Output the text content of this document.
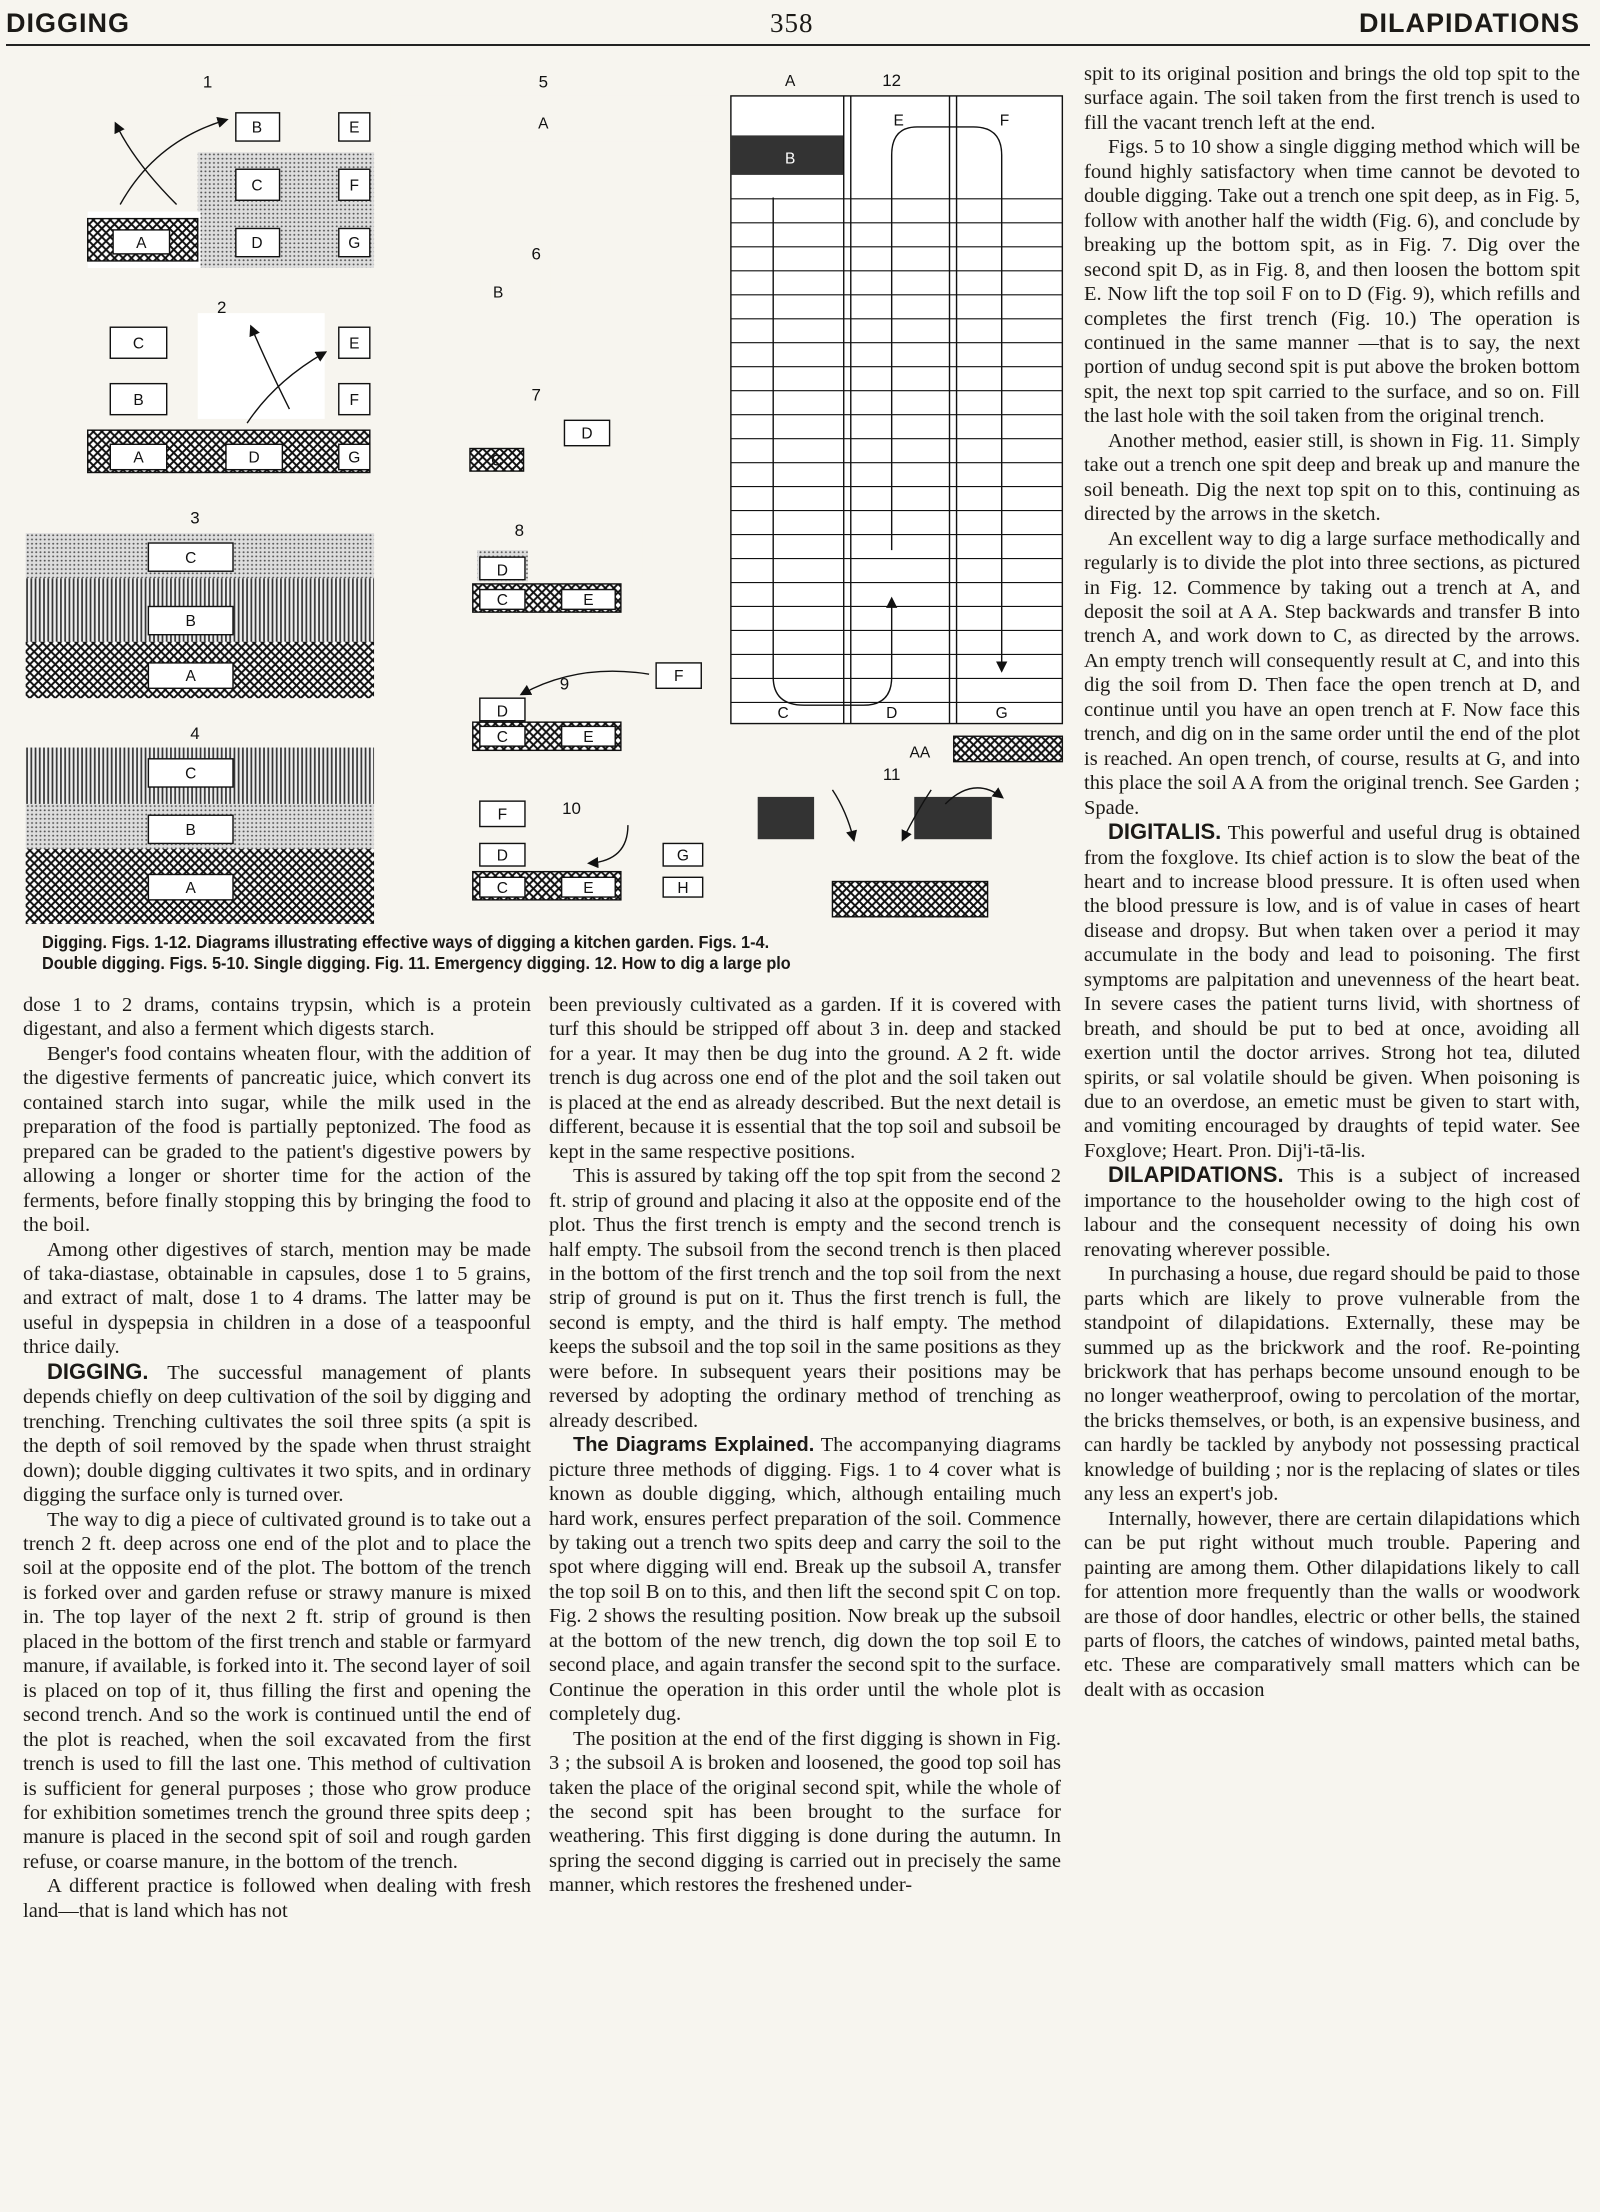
DIGGING	358	DILAPIDATIONS
1
B	E
C	F
A	D	G
2
C	E
B	F
A	D	G
3
C
B
A
4
C
B
A
5
A
6
B
7
C
D
8
D
C	E
9	F
D
C	E
10
F
D	G
C	E	H
A	12
E	F
B
C	D	G
AA
11
Digging. Figs. 1-12. Diagrams illustrating effective ways of digging a kitchen garden. Figs. 1-4.
Double digging. Figs. 5-10. Single digging. Fig. 11. Emergency digging. 12. How to dig a large plo

dose 1 to 2 drams, contains trypsin, which is a protein digestant, and also a ferment which digests starch.

Benger's food contains wheaten flour, with the addition of the digestive ferments of pancreatic juice, which convert its contained starch into sugar, while the milk used in the preparation of the food is partially peptonized. The food as prepared can be graded to the patient's digestive powers by allowing a longer or shorter time for the action of the ferments, before finally stopping this by bringing the food to the boil.

Among other digestives of starch, mention may be made of taka-diastase, obtainable in capsules, dose 1 to 5 grains, and extract of malt, dose 1 to 4 drams. The latter may be useful in dyspepsia in children in a dose of a teaspoonful thrice daily.

DIGGING. The successful management of plants depends chiefly on deep cultivation of the soil by digging and trenching. Trenching cultivates the soil three spits (a spit is the depth of soil removed by the spade when thrust straight down); double digging cultivates it two spits, and in ordinary digging the surface only is turned over.

The way to dig a piece of cultivated ground is to take out a trench 2 ft. deep across one end of the plot and to place the soil at the opposite end of the plot. The bottom of the trench is forked over and garden refuse or strawy manure is mixed in. The top layer of the next 2 ft. strip of ground is then placed in the bottom of the first trench and stable or farmyard manure, if available, is forked into it. The second layer of soil is placed on top of it, thus filling the first and opening the second trench. And so the work is continued until the end of the plot is reached, when the soil excavated from the first trench is used to fill the last one. This method of cultivation is sufficient for general purposes ; those who grow produce for exhibition sometimes trench the ground three spits deep ; manure is placed in the second spit of soil and rough garden refuse, or coarse manure, in the bottom of the trench.

A different practice is followed when dealing with fresh land—that is land which has not

been previously cultivated as a garden. If it is covered with turf this should be stripped off about 3 in. deep and stacked for a year. It may then be dug into the ground. A 2 ft. wide trench is dug across one end of the plot and the soil taken out is placed at the end as already described. But the next detail is different, because it is essential that the top soil and subsoil be kept in the same respective positions.

This is assured by taking off the top spit from the second 2 ft. strip of ground and placing it also at the opposite end of the plot. Thus the first trench is empty and the second trench is half empty. The subsoil from the second trench is then placed in the bottom of the first trench and the top soil from the next strip of ground is put on it. Thus the first trench is full, the second is empty, and the third is half empty. The method keeps the subsoil and the top soil in the same positions as they were before. In subsequent years their positions may be reversed by adopting the ordinary method of trenching as already described.

The Diagrams Explained. The accompanying diagrams picture three methods of digging. Figs. 1 to 4 cover what is known as double digging, which, although entailing much hard work, ensures perfect preparation of the soil. Commence by taking out a trench two spits deep and carry the soil to the spot where digging will end. Break up the subsoil A, transfer the top soil B on to this, and then lift the second spit C on top. Fig. 2 shows the resulting position. Now break up the subsoil at the bottom of the new trench, dig down the top soil E to second place, and again transfer the second spit to the surface. Continue the operation in this order until the whole plot is completely dug.

The position at the end of the first digging is shown in Fig. 3 ; the subsoil A is broken and loosened, the good top soil has taken the place of the original second spit, while the whole of the second spit has been brought to the surface for weathering. This first digging is done during the autumn. In spring the second digging is carried out in precisely the same manner, which restores the freshened under-

spit to its original position and brings the old top spit to the surface again. The soil taken from the first trench is used to fill the vacant trench left at the end.

Figs. 5 to 10 show a single digging method which will be found highly satisfactory when time cannot be devoted to double digging. Take out a trench one spit deep, as in Fig. 5, follow with another half the width (Fig. 6), and conclude by breaking up the bottom spit, as in Fig. 7. Dig over the second spit D, as in Fig. 8, and then loosen the bottom spit E. Now lift the top soil F on to D (Fig. 9), which refills and completes the first trench (Fig. 10.) The operation is continued in the same manner —that is to say, the next portion of undug second spit is put above the broken bottom spit, the next top spit carried to the surface, and so on. Fill the last hole with the soil taken from the original trench.

Another method, easier still, is shown in Fig. 11. Simply take out a trench one spit deep and break up and manure the soil beneath. Dig the next top spit on to this, continuing as directed by the arrows in the sketch.

An excellent way to dig a large surface methodically and regularly is to divide the plot into three sections, as pictured in Fig. 12. Commence by taking out a trench at A, and deposit the soil at A A. Step backwards and transfer B into trench A, and work down to C, as directed by the arrows. An empty trench will consequently result at C, and into this dig the soil from D. Then face the open trench at D, and continue until you have an open trench at F. Now face this trench, and dig on in the same order until the end of the plot is reached. An open trench, of course, results at G, and into this place the soil A A from the original trench. See Garden ; Spade.

DIGITALIS. This powerful and useful drug is obtained from the foxglove. Its chief action is to slow the beat of the heart and to increase blood pressure. It is often used when the blood pressure is low, and is of value in cases of heart disease and dropsy. But when taken over a period it may accumulate in the body and lead to poisoning. The first symptoms are palpitation and unevenness of the heart beat. In severe cases the patient turns livid, with shortness of breath, and should be put to bed at once, avoiding all exertion until the doctor arrives. Strong hot tea, diluted spirits, or sal volatile should be given. When poisoning is due to an overdose, an emetic must be given to start with, and vomiting encouraged by draughts of tepid water. See Foxglove; Heart. Pron. Dij'i-tā-lis.

DILAPIDATIONS. This is a subject of increased importance to the householder owing to the high cost of labour and the consequent necessity of doing his own renovating wherever possible.

In purchasing a house, due regard should be paid to those parts which are likely to prove vulnerable from the standpoint of dilapidations. Externally, these may be summed up as the brickwork and the roof. Re-pointing brickwork that has perhaps become unsound enough to be no longer weatherproof, owing to percolation of the mortar, the bricks themselves, or both, is an expensive business, and can hardly be tackled by anybody not possessing practical knowledge of building ; nor is the replacing of slates or tiles any less an expert's job.

Internally, however, there are certain dilapidations which can be put right without much trouble. Papering and painting are among them. Other dilapidations likely to call for attention more frequently than the walls or woodwork are those of door handles, electric or other bells, the stained parts of floors, the catches of windows, painted metal baths, etc. These are comparatively small matters which can be dealt with as occasion
